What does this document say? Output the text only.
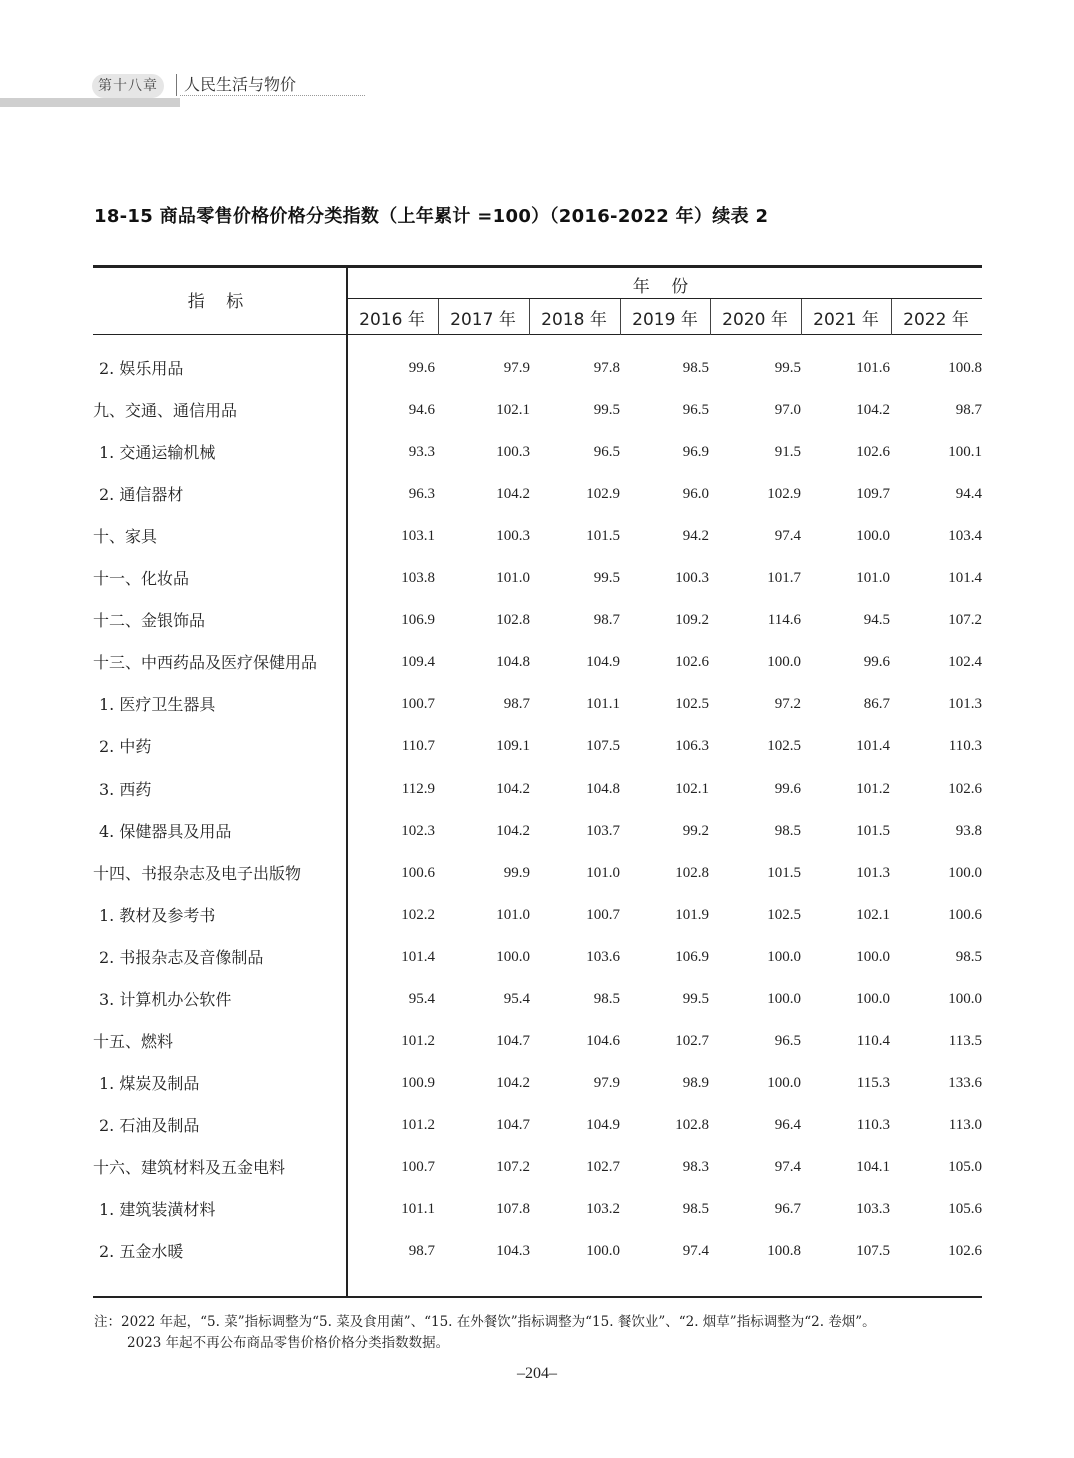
第十八章	人民生活与物价
18-15 商品零售价格价格分类指数（上年累计 =100）（2016-2022 年）续表 2
指 标
年 份
2016 年	2017 年	2018 年	2019 年	2020 年	2021 年	2022 年
2. 娱乐用品	99.6	97.9	97.8	98.5	99.5	101.6	100.8
九、交通、通信用品	94.6	102.1	99.5	96.5	97.0	104.2	98.7
1. 交通运输机械	93.3	100.3	96.5	96.9	91.5	102.6	100.1
2. 通信器材	96.3	104.2	102.9	96.0	102.9	109.7	94.4
十、家具	103.1	100.3	101.5	94.2	97.4	100.0	103.4
十一、化妆品	103.8	101.0	99.5	100.3	101.7	101.0	101.4
十二、金银饰品	106.9	102.8	98.7	109.2	114.6	94.5	107.2
十三、中西药品及医疗保健用品	109.4	104.8	104.9	102.6	100.0	99.6	102.4
1. 医疗卫生器具	100.7	98.7	101.1	102.5	97.2	86.7	101.3
2. 中药	110.7	109.1	107.5	106.3	102.5	101.4	110.3
3. 西药	112.9	104.2	104.8	102.1	99.6	101.2	102.6
4. 保健器具及用品	102.3	104.2	103.7	99.2	98.5	101.5	93.8
十四、书报杂志及电子出版物	100.6	99.9	101.0	102.8	101.5	101.3	100.0
1. 教材及参考书	102.2	101.0	100.7	101.9	102.5	102.1	100.6
2. 书报杂志及音像制品	101.4	100.0	103.6	106.9	100.0	100.0	98.5
3. 计算机办公软件	95.4	95.4	98.5	99.5	100.0	100.0	100.0
十五、燃料	101.2	104.7	104.6	102.7	96.5	110.4	113.5
1. 煤炭及制品	100.9	104.2	97.9	98.9	100.0	115.3	133.6
2. 石油及制品	101.2	104.7	104.9	102.8	96.4	110.3	113.0
十六、建筑材料及五金电料	100.7	107.2	102.7	98.3	97.4	104.1	105.0
1. 建筑装潢材料	101.1	107.8	103.2	98.5	96.7	103.3	105.6
2. 五金水暖	98.7	104.3	100.0	97.4	100.8	107.5	102.6
注：2022 年起，“5. 菜”指标调整为“5. 菜及食用菌”、“15. 在外餐饮”指标调整为“15. 餐饮业”、“2. 烟草”指标调整为“2. 卷烟”。
2023 年起不再公布商品零售价格价格分类指数数据。
–204–
